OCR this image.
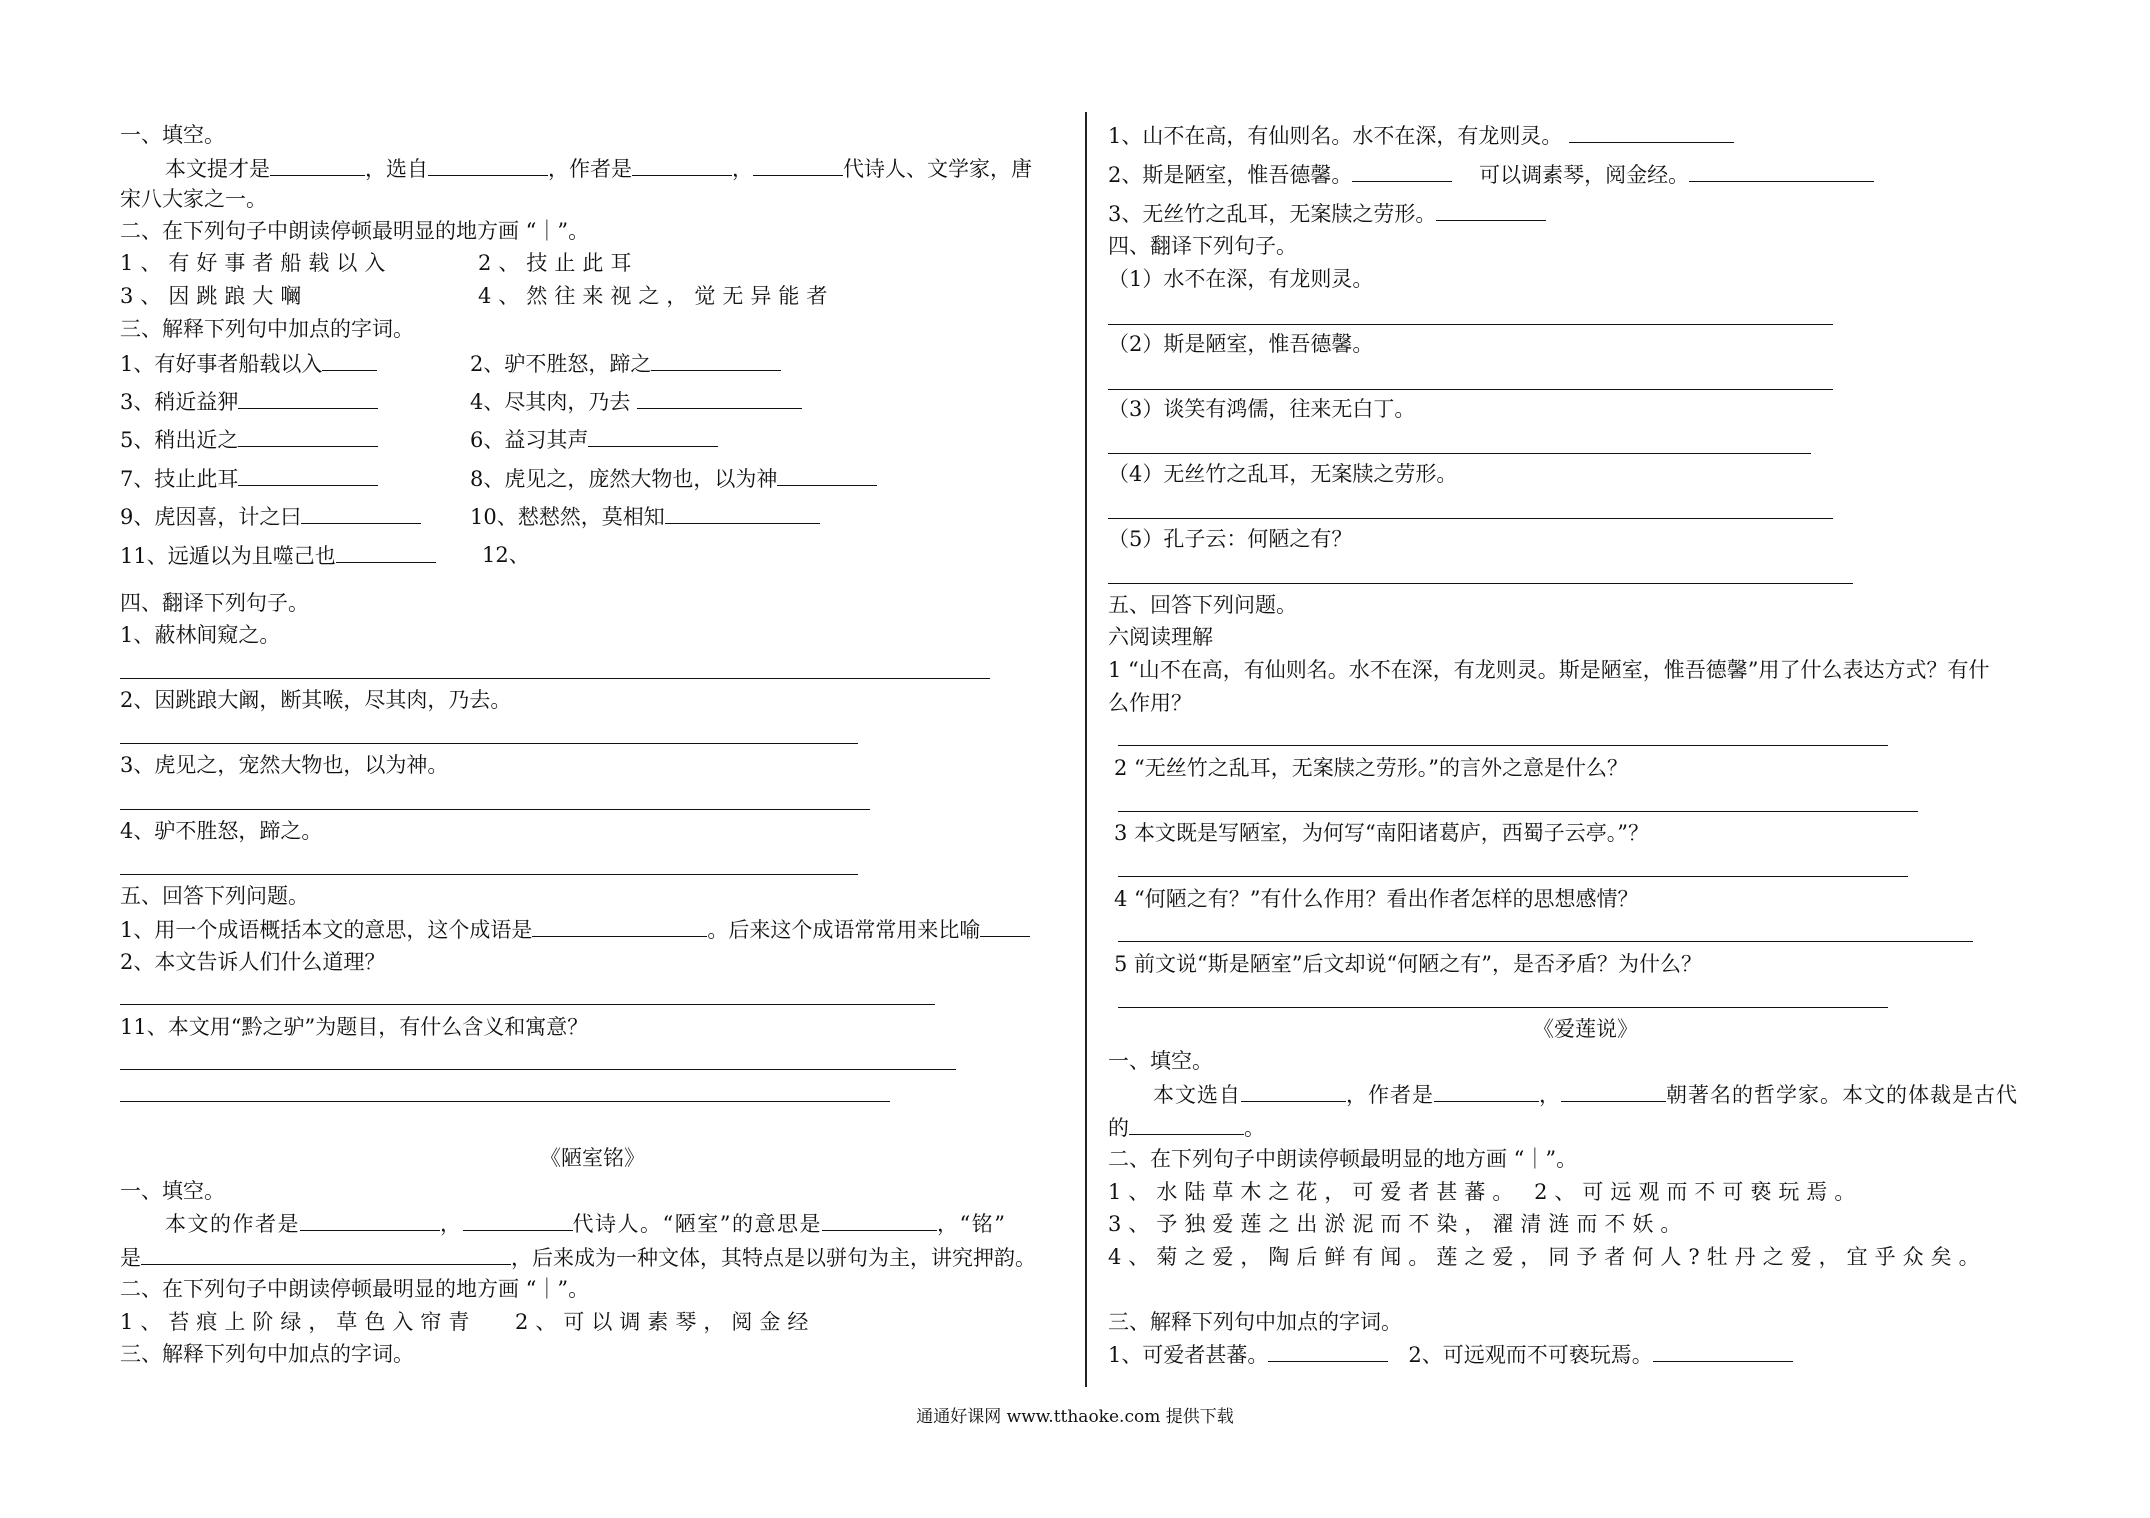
一、填空。
本文提才是	，选自	，作者是	，	代诗人、文学家，唐
宋八大家之一。
二、在下列句子中朗读停顿最明显的地方画 “｜”。
1、有好事者船载以入	2、技止此耳
3、因跳踉大㘎	4、然往来视之，觉无异能者
三、解释下列句中加点的字词。
1、有好事者船载以入	2、驴不胜怒，蹄之
3、稍近益狎	4、尽其肉，乃去
5、稍出近之	6、益习其声
7、技止此耳	8、虎见之，庞然大物也，以为神
9、虎因喜，计之曰	10、慭慭然，莫相知
11、远遁以为且噬己也	12、
四、翻译下列句子。
1、蔽林间窥之。
2、因跳踉大阚，断其喉，尽其肉，乃去。
3、虎见之，宠然大物也，以为神。
4、驴不胜怒，蹄之。
五、回答下列问题。
1、用一个成语概括本文的意思，这个成语是	。后来这个成语常常用来比喻
2、本文告诉人们什么道理？
11、本文用“黔之驴”为题目，有什么含义和寓意？
《陋室铭》
一、填空。
本文的作者是	，	代诗人。“陋室”的意思是	，“铭”
是	，后来成为一种文体，其特点是以骈句为主，讲究押韵。
二、在下列句子中朗读停顿最明显的地方画 “｜”。
1、苔痕上阶绿，草色入帘青 2、可以调素琴，阅金经
三、解释下列句中加点的字词。
1、山不在高，有仙则名。水不在深，有龙则灵。
2、斯是陋室，惟吾德馨。	可以调素琴，阅金经。
3、无丝竹之乱耳，无案牍之劳形。
四、翻译下列句子。
（1）水不在深，有龙则灵。
（2）斯是陋室，惟吾德馨。
（3）谈笑有鸿儒，往来无白丁。
（4）无丝竹之乱耳，无案牍之劳形。
（5）孔子云：何陋之有？
五、回答下列问题。
六阅读理解
1 “山不在高，有仙则名。水不在深，有龙则灵。斯是陋室，惟吾德馨”用了什么表达方式？有什
么作用？
2 “无丝竹之乱耳，无案牍之劳形。”的言外之意是什么？
3 本文既是写陋室，为何写“南阳诸葛庐，西蜀子云亭。”？
4 “何陋之有？”有什么作用？看出作者怎样的思想感情？
5 前文说“斯是陋室”后文却说“何陋之有”，是否矛盾？为什么？
《爱莲说》
一、填空。
本文选自	，作者是	，	朝著名的哲学家。本文的体裁是古代
的	。
二、在下列句子中朗读停顿最明显的地方画 “｜”。
1、水陆草木之花，可爱者甚蕃。 2、可远观而不可亵玩焉。
3、予独爱莲之出淤泥而不染，濯清涟而不妖。
4、菊之爱，陶后鲜有闻。莲之爱，同予者何人?牡丹之爱，宜乎众矣。
三、解释下列句中加点的字词。
1、可爱者甚蕃。	2、可远观而不可亵玩焉。
通通好课网 www.tthaoke.com 提供下载
